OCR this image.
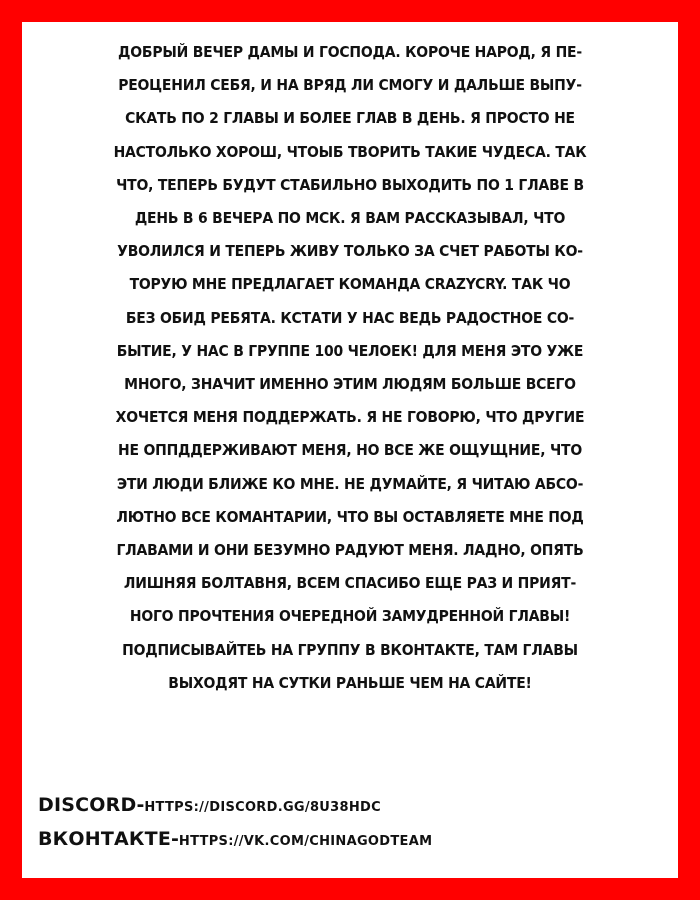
ДОБРЫЙ ВЕЧЕР ДАМЫ И ГОСПОДА. КОРОЧЕ НАРОД, Я ПЕ-
РЕОЦЕНИЛ СЕБЯ, И НА ВРЯД ЛИ СМОГУ И ДАЛЬШЕ ВЫПУ-
СКАТЬ ПО 2 ГЛАВЫ И БОЛЕЕ ГЛАВ В ДЕНЬ. Я ПРОСТО НЕ
НАСТОЛЬКО ХОРОШ, ЧТОЫБ ТВОРИТЬ ТАКИЕ ЧУДЕСА. ТАК
ЧТО, ТЕПЕРЬ БУДУТ СТАБИЛЬНО ВЫХОДИТЬ ПО 1 ГЛАВЕ В
ДЕНЬ В 6 ВЕЧЕРА ПО МСК. Я ВАМ РАССКАЗЫВАЛ, ЧТО
УВОЛИЛСЯ И ТЕПЕРЬ ЖИВУ ТОЛЬКО ЗА СЧЕТ РАБОТЫ КО-
ТОРУЮ МНЕ ПРЕДЛАГАЕТ КОМАНДА CRAZYCRY. ТАК ЧО
БЕЗ ОБИД РЕБЯТА. КСТАТИ У НАС ВЕДЬ РАДОСТНОЕ СО-
БЫТИЕ, У НАС В ГРУППЕ 100 ЧЕЛОЕК! ДЛЯ МЕНЯ ЭТО УЖЕ
МНОГО, ЗНАЧИТ ИМЕННО ЭТИМ ЛЮДЯМ БОЛЬШЕ ВСЕГО
ХОЧЕТСЯ МЕНЯ ПОДДЕРЖАТЬ. Я НЕ ГОВОРЮ, ЧТО ДРУГИЕ
НЕ ОППДДЕРЖИВАЮТ МЕНЯ, НО ВСЕ ЖЕ ОЩУЩНИЕ, ЧТО
ЭТИ ЛЮДИ БЛИЖЕ КО МНЕ. НЕ ДУМАЙТЕ, Я ЧИТАЮ АБСО-
ЛЮТНО ВСЕ КОМАНТАРИИ, ЧТО ВЫ ОСТАВЛЯЕТЕ МНЕ ПОД
ГЛАВАМИ И ОНИ БЕЗУМНО РАДУЮТ МЕНЯ. ЛАДНО, ОПЯТЬ
ЛИШНЯЯ БОЛТАВНЯ, ВСЕМ СПАСИБО ЕЩЕ РАЗ И ПРИЯТ-
НОГО ПРОЧТЕНИЯ ОЧЕРЕДНОЙ ЗАМУДРЕННОЙ ГЛАВЫ!
ПОДПИСЫВАЙТЕЬ НА ГРУППУ В ВКОНТАКТЕ, ТАМ ГЛАВЫ
ВЫХОДЯТ НА СУТКИ РАНЬШЕ ЧЕМ НА САЙТЕ!

DISCORD-HTTPS://DISCORD.GG/8U38HDC
ВКОНТАКТЕ-HTTPS://VK.COM/CHINAGODTEAM
